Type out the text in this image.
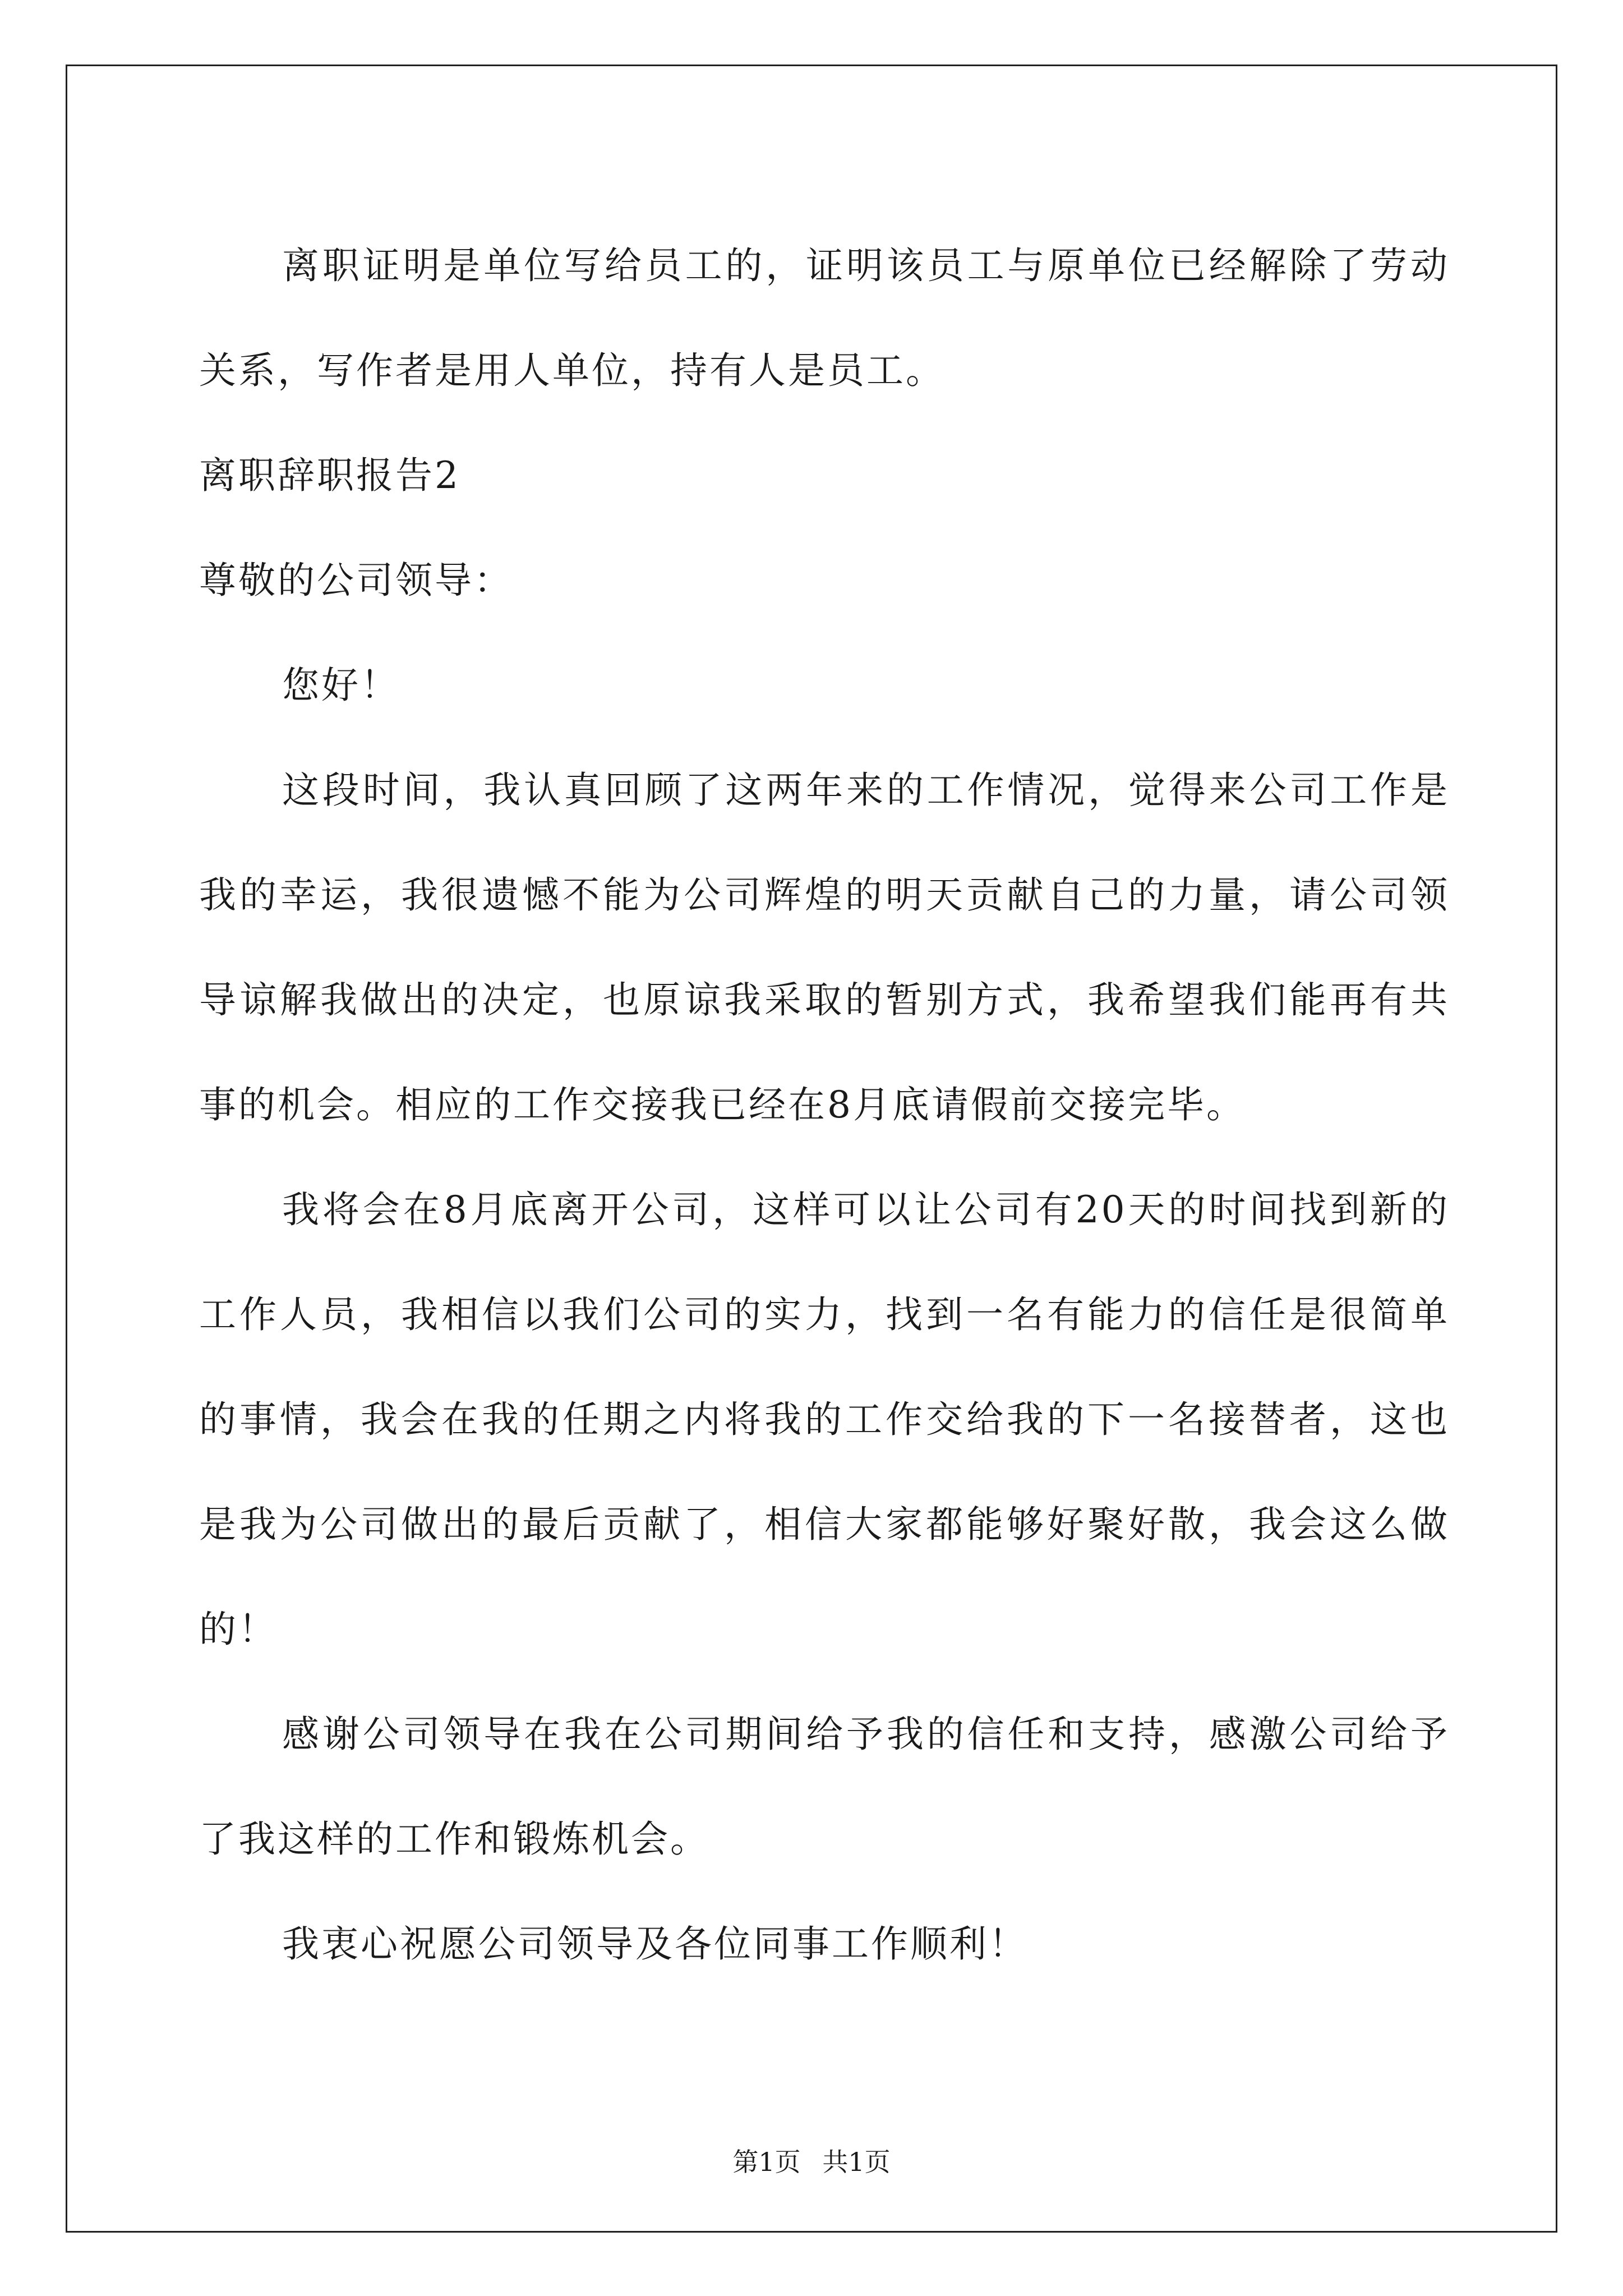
离职证明是单位写给员工的，证明该员工与原单位已经解除了劳动关系，写作者是用人单位，持有人是员工。

离职辞职报告2

尊敬的公司领导：

您好！

这段时间，我认真回顾了这两年来的工作情况，觉得来公司工作是我的幸运，我很遗憾不能为公司辉煌的明天贡献自己的力量，请公司领导谅解我做出的决定，也原谅我采取的暂别方式，我希望我们能再有共事的机会。相应的工作交接我已经在8月底请假前交接完毕。

我将会在8月底离开公司，这样可以让公司有20天的时间找到新的工作人员，我相信以我们公司的实力，找到一名有能力的信任是很简单的事情，我会在我的任期之内将我的工作交给我的下一名接替者，这也是我为公司做出的最后贡献了，相信大家都能够好聚好散，我会这么做的！

感谢公司领导在我在公司期间给予我的信任和支持，感激公司给予了我这样的工作和锻炼机会。

我衷心祝愿公司领导及各位同事工作顺利！

第1页 共1页
